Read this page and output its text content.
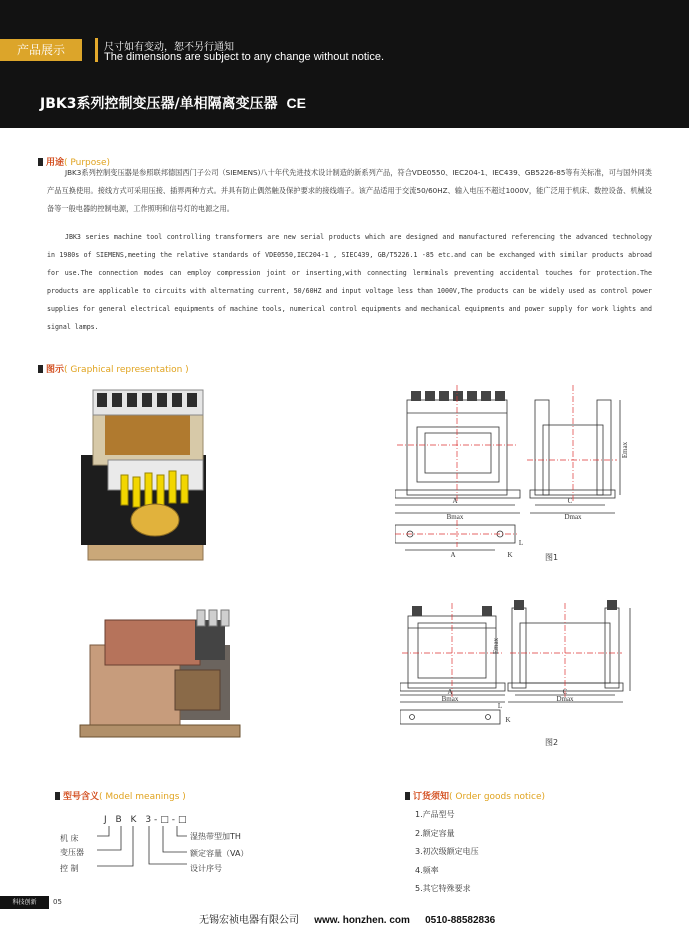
产品展示	尺寸如有变动，恕不另行通知
The dimensions are subject to any change without notice.
JBK3系列控制变压器/单相隔离变压器 CE
用途( Purpose)

JBK3系列控制变压器是参照联邦德国西门子公司（SIEMENS)八十年代先进技术设计制造的新系列产品，符合VDE0550、IEC204-1、IEC439、GB5226-85等有关标准，可与国外同类产品互换使用。接线方式可采用压接、插界两种方式。并具有防止偶然触及保护要求的接线端子。该产品适用于交流50/60HZ、输入电压不超过1000V，能广泛用于机床、数控设备、机械设备等一般电器的控制电源，工作照明和信号灯的电源之用。

JBK3 series machine tool controlling transformers are new serial products which are designed and manufactured referencing the advanced technology in 1980s of SIEMENS,meeting the relative standards of VDE0550,IEC204-1 , SIEC439, GB/T5226.1 -85 etc.and can be exchanged with similar products abroad for use.The connection modes can employ compression joint or inserting,with connecting lerminals preventing accidental touches for protection.The products are applicable to circuits with alternating current, 50/60HZ and input voltage less than 1000V,The products can be widely used as control power supplies for general electrical equipments of machine tools, numerical control equipments and mechanical equipments and power supply for work lights and signal lamps.

图示( Graphical representation )
A
Bmax
C
Dmax
Emax
A	K
L
图1
A
Bmax
C
Dmax
Emax
L
K
图2
型号含义( Model meanings )
J B K 3-□-□
机 床
变压器
控 制
湿热带型加TH
额定容量（VA）
设计序号
订货须知( Order goods notice)
1.产品型号
2.额定容量
3.初次级额定电压
4.频率
5.其它特殊要求
科技创新	05
无锡宏祯电器有限公司 www. honzhen. com 0510-88582836
